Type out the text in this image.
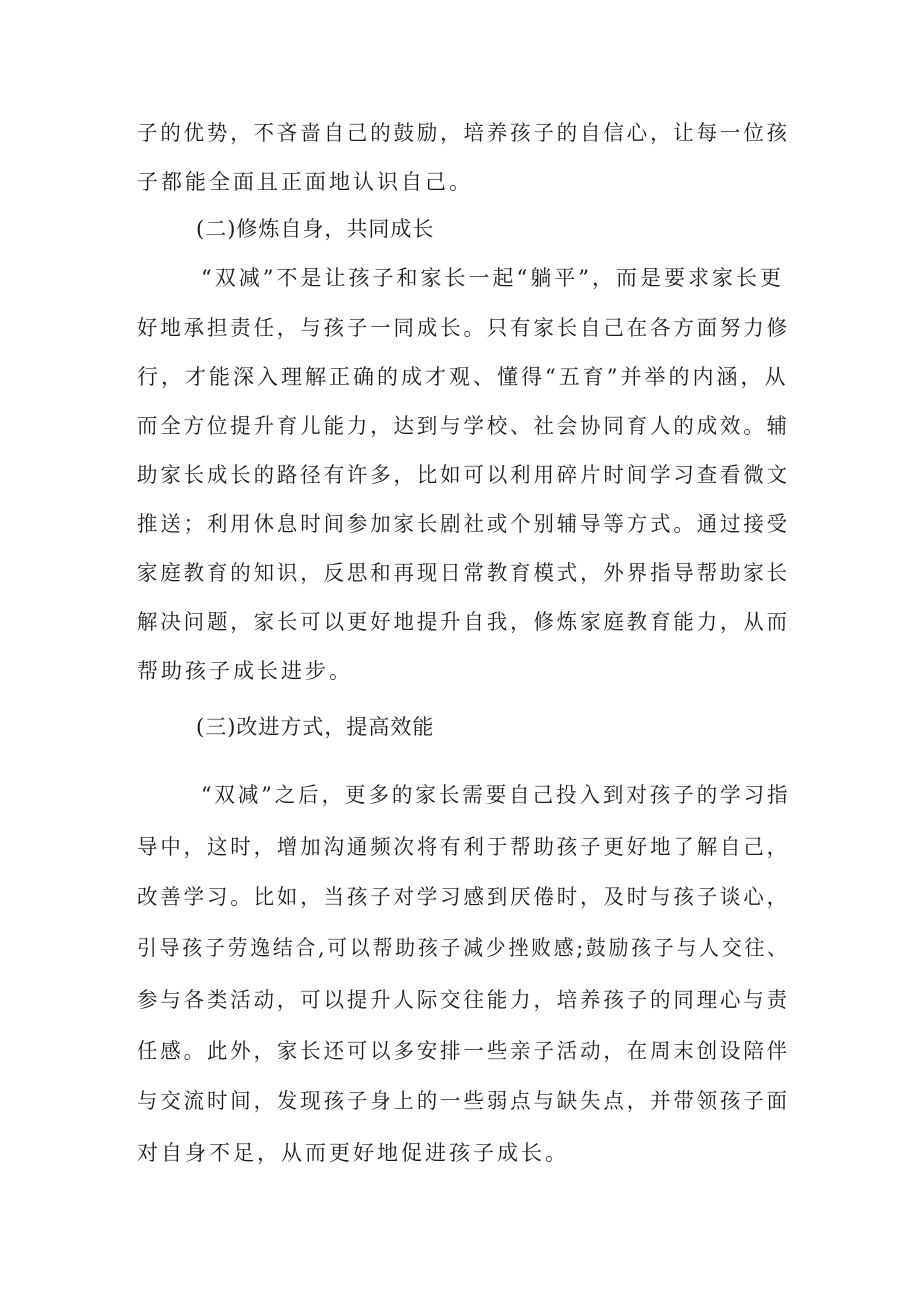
子的优势，不吝啬自己的鼓励，培养孩子的自信心，让每一位孩
子都能全面且正面地认识自己。
(二)修炼自身，共同成长
“双减”不是让孩子和家长一起“躺平”，而是要求家长更
好地承担责任，与孩子一同成长。只有家长自己在各方面努力修
行，才能深入理解正确的成才观、懂得“五育”并举的内涵，从
而全方位提升育儿能力，达到与学校、社会协同育人的成效。辅
助家长成长的路径有许多，比如可以利用碎片时间学习查看微文
推送；利用休息时间参加家长剧社或个别辅导等方式。通过接受
家庭教育的知识，反思和再现日常教育模式，外界指导帮助家长
解决问题，家长可以更好地提升自我，修炼家庭教育能力，从而
帮助孩子成长进步。
(三)改进方式，提高效能
“双减”之后，更多的家长需要自己投入到对孩子的学习指
导中，这时，增加沟通频次将有利于帮助孩子更好地了解自己，
改善学习。比如，当孩子对学习感到厌倦时，及时与孩子谈心，
引导孩子劳逸结合,可以帮助孩子减少挫败感;鼓励孩子与人交往、
参与各类活动，可以提升人际交往能力，培养孩子的同理心与责
任感。此外，家长还可以多安排一些亲子活动，在周末创设陪伴
与交流时间，发现孩子身上的一些弱点与缺失点，并带领孩子面
对自身不足，从而更好地促进孩子成长。
